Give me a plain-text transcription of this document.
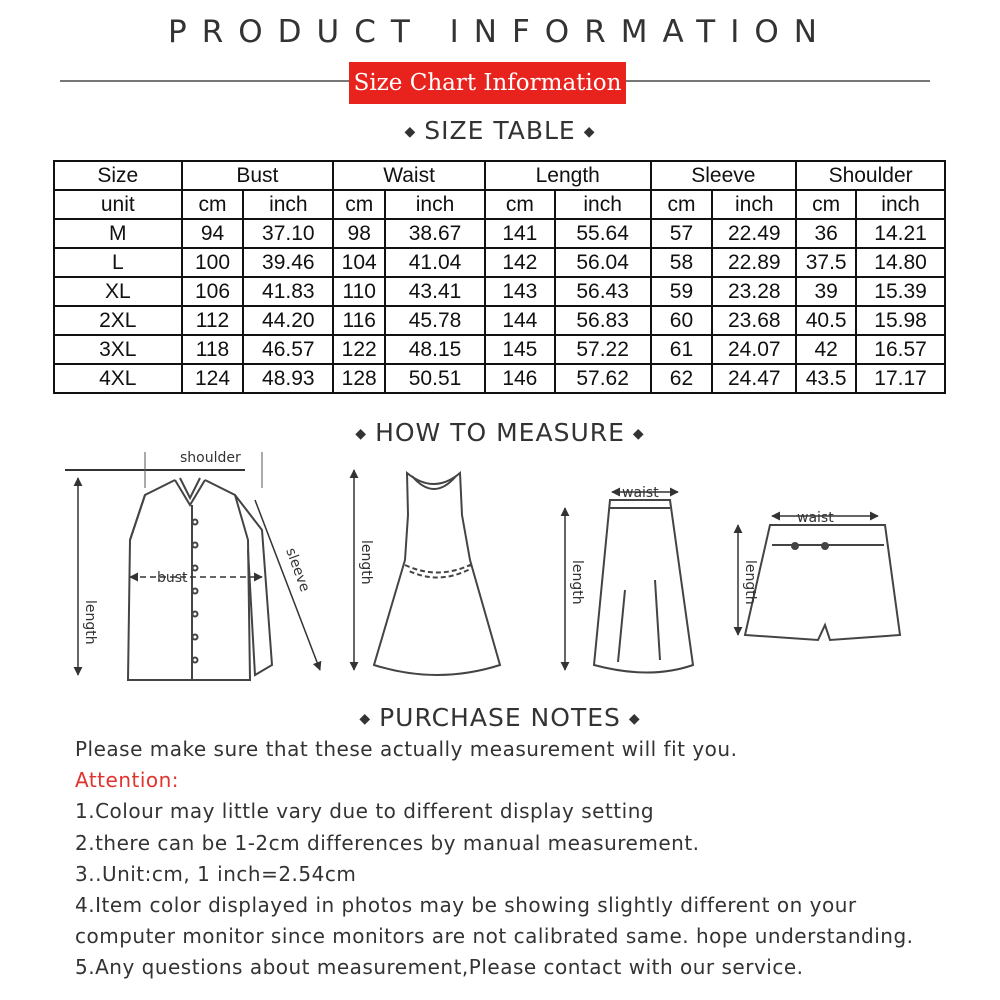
PRODUCT INFORMATION
Size Chart Information
◆ SIZE TABLE ◆
Size	Bust		Waist		Length		Sleeve		Shoulder	
unit	cm	inch	cm	inch	cm	inch	cm	inch	cm	inch
M	94	37.10	98	38.67	141	55.64	57	22.49	36	14.21
L	100	39.46	104	41.04	142	56.04	58	22.89	37.5	14.80
XL	106	41.83	110	43.41	143	56.43	59	23.28	39	15.39
2XL	112	44.20	116	45.78	144	56.83	60	23.68	40.5	15.98
3XL	118	46.57	122	48.15	145	57.22	61	24.07	42	16.57
4XL	124	48.93	128	50.51	146	57.62	62	24.47	43.5	17.17
◆ HOW TO MEASURE ◆
shoulder
length
bust	sleeve	length
waist
length
waist
length
◆ PURCHASE NOTES ◆
Please make sure that these actually measurement will fit you.
Attention:
1.Colour may little vary due to different display setting
2.there can be 1-2cm differences by manual measurement.
3..Unit:cm, 1 inch=2.54cm
4.Item color displayed in photos may be showing slightly different on your
computer monitor since monitors are not calibrated same. hope understanding.
5.Any questions about measurement,Please contact with our service.
